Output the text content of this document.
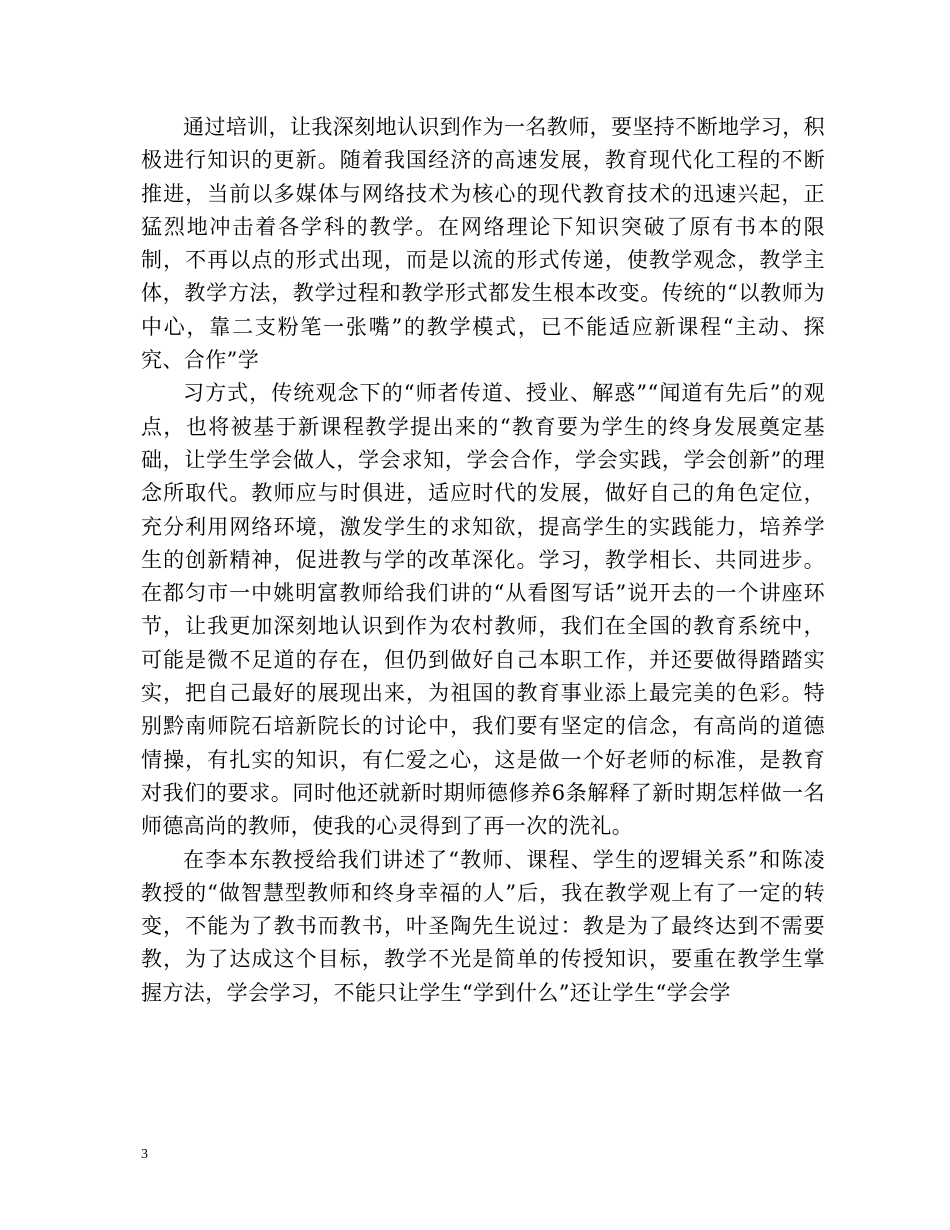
通过培训，让我深刻地认识到作为一名教师，要坚持不断地学习，积极进行知识的更新。随着我国经济的高速发展，教育现代化工程的不断推进，当前以多媒体与网络技术为核心的现代教育技术的迅速兴起，正猛烈地冲击着各学科的教学。在网络理论下知识突破了原有书本的限制，不再以点的形式出现，而是以流的形式传递，使教学观念，教学主体，教学方法，教学过程和教学形式都发生根本改变。传统的“以教师为中心，靠二支粉笔一张嘴”的教学模式，已不能适应新课程“主动、探究、合作”学

习方式，传统观念下的“师者传道、授业、解惑”“闻道有先后”的观点，也将被基于新课程教学提出来的“教育要为学生的终身发展奠定基础，让学生学会做人，学会求知，学会合作，学会实践，学会创新”的理念所取代。教师应与时俱进，适应时代的发展，做好自己的角色定位，充分利用网络环境，激发学生的求知欲，提高学生的实践能力，培养学生的创新精神，促进教与学的改革深化。学习，教学相长、共同进步。在都匀市一中姚明富教师给我们讲的“从看图写话”说开去的一个讲座环节，让我更加深刻地认识到作为农村教师，我们在全国的教育系统中，可能是微不足道的存在，但仍到做好自己本职工作，并还要做得踏踏实实，把自己最好的展现出来，为祖国的教育事业添上最完美的色彩。特别黔南师院石培新院长的讨论中，我们要有坚定的信念，有高尚的道德情操，有扎实的知识，有仁爱之心，这是做一个好老师的标准，是教育对我们的要求。同时他还就新时期师德修养6条解释了新时期怎样做一名师德高尚的教师，使我的心灵得到了再一次的洗礼。

在李本东教授给我们讲述了“教师、课程、学生的逻辑关系”和陈凌教授的“做智慧型教师和终身幸福的人”后，我在教学观上有了一定的转变，不能为了教书而教书，叶圣陶先生说过：教是为了最终达到不需要教，为了达成这个目标，教学不光是简单的传授知识，要重在教学生掌握方法，学会学习，不能只让学生“学到什么”还让学生“学会学

3
